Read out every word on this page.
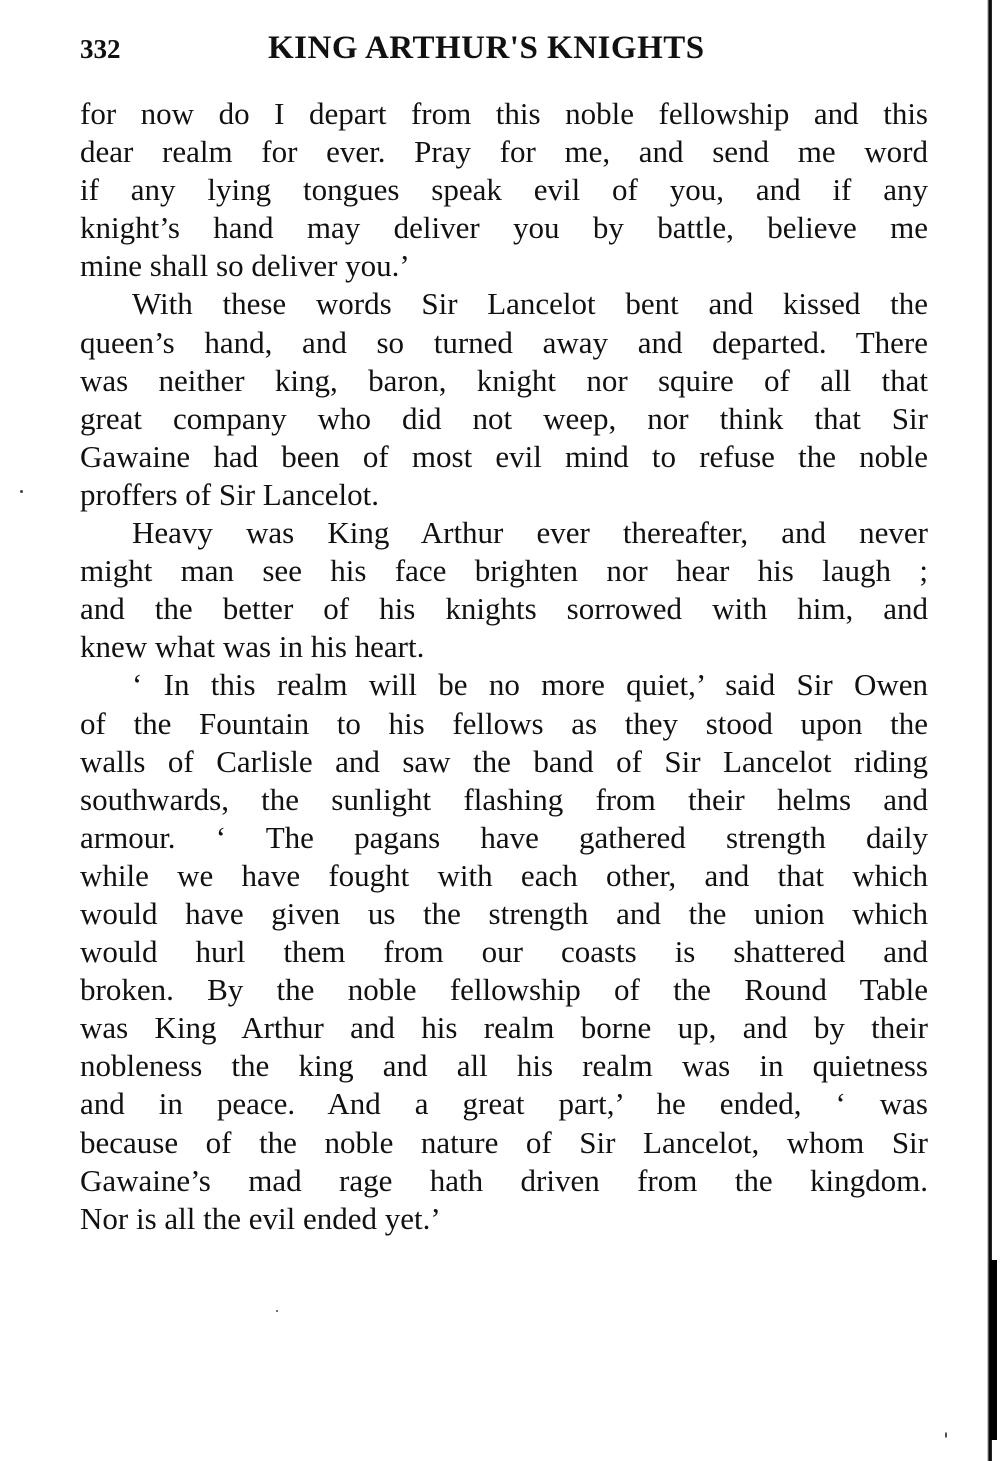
332	KING ARTHUR'S KNIGHTS
for now do I depart from this noble fellowship and this
dear realm for ever. Pray for me, and send me word
if any lying tongues speak evil of you, and if any
knight’s hand may deliver you by battle, believe me
mine shall so deliver you.’
With these words Sir Lancelot bent and kissed the
queen’s hand, and so turned away and departed. There
was neither king, baron, knight nor squire of all that
great company who did not weep, nor think that Sir
Gawaine had been of most evil mind to refuse the noble
proffers of Sir Lancelot.
Heavy was King Arthur ever thereafter, and never
might man see his face brighten nor hear his laugh ;
and the better of his knights sorrowed with him, and
knew what was in his heart.
‘ In this realm will be no more quiet,’ said Sir Owen
of the Fountain to his fellows as they stood upon the
walls of Carlisle and saw the band of Sir Lancelot riding
southwards, the sunlight flashing from their helms and
armour. ‘ The pagans have gathered strength daily
while we have fought with each other, and that which
would have given us the strength and the union which
would hurl them from our coasts is shattered and
broken. By the noble fellowship of the Round Table
was King Arthur and his realm borne up, and by their
nobleness the king and all his realm was in quietness
and in peace. And a great part,’ he ended, ‘ was
because of the noble nature of Sir Lancelot, whom Sir
Gawaine’s mad rage hath driven from the kingdom.
Nor is all the evil ended yet.’
